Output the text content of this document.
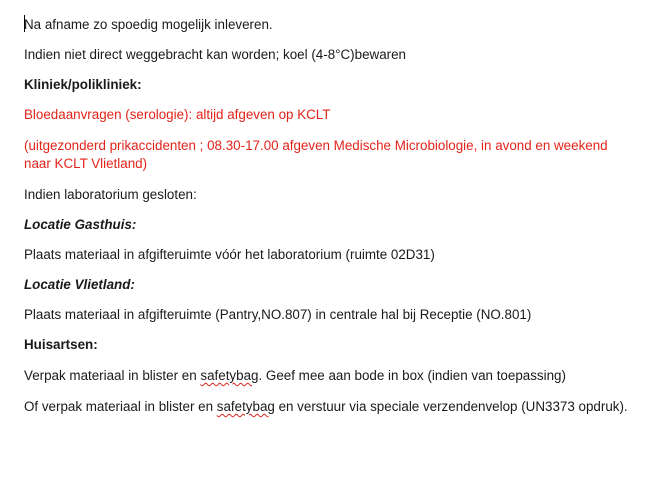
Na afname zo spoedig mogelijk inleveren.

Indien niet direct weggebracht kan worden; koel (4-8°C)bewaren

Kliniek/polikliniek:

Bloedaanvragen (serologie): altijd afgeven op KCLT

(uitgezonderd prikaccidenten ; 08.30-17.00 afgeven Medische Microbiologie, in avond en weekend naar KCLT Vlietland)

Indien laboratorium gesloten:

Locatie Gasthuis:

Plaats materiaal in afgifteruimte vóór het laboratorium (ruimte 02D31)

Locatie Vlietland:

Plaats materiaal in afgifteruimte (Pantry,NO.807) in centrale hal bij Receptie (NO.801)

Huisartsen:

Verpak materiaal in blister en safetybag. Geef mee aan bode in box (indien van toepassing)

Of verpak materiaal in blister en safetybag en verstuur via speciale verzendenvelop (UN3373 opdruk).
